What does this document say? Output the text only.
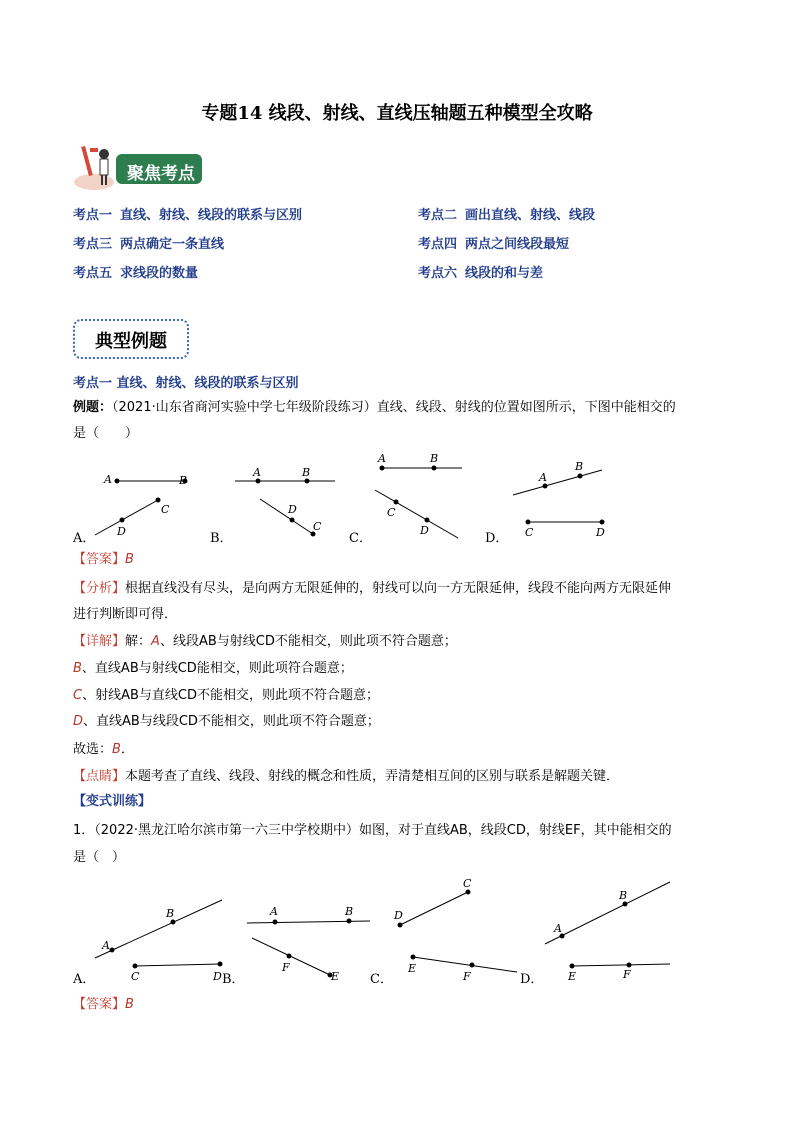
专题14 线段、射线、直线压轴题五种模型全攻略
聚焦考点
考点一 直线、射线、线段的联系与区别	考点二 画出直线、射线、线段
考点三 两点确定一条直线	考点四 两点之间线段最短
考点五 求线段的数量	考点六 线段的和与差
典型例题
考点一 直线、射线、线段的联系与区别
例题：（2021·山东省商河实验中学七年级阶段练习）直线、线段、射线的位置如图所示，下图中能相交的
是（　　）
A	B
C
D
A	B
D
C
A	B
C
D
A
B
C	D
A．	B．	C．	D．
【答案】B
【分析】根据直线没有尽头，是向两方无限延伸的，射线可以向一方无限延伸，线段不能向两方无限延伸
进行判断即可得．
【详解】解：A、线段AB与射线CD不能相交，则此项不符合题意；
B、直线AB与射线CD能相交，则此项符合题意；
C、射线AB与直线CD不能相交，则此项不符合题意；
D、直线AB与线段CD不能相交，则此项不符合题意；
故选：B．
【点睛】本题考查了直线、线段、射线的概念和性质，弄清楚相互间的区别与联系是解题关键．
【变式训练】
1．（2022·黑龙江哈尔滨市第一六三中学校期中）如图，对于直线AB，线段CD，射线EF，其中能相交的
是（　）
B
A
C	D
A	B
F
E
C
D
E
F
B
A
E	F
A．	B．	C．	D．
【答案】B
